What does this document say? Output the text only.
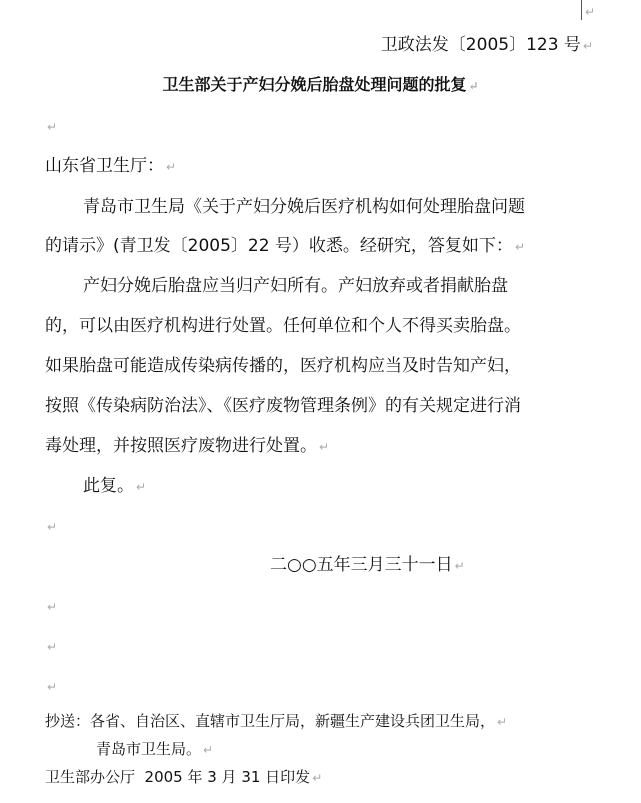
↵
卫政法发〔2005〕123 号 ↵
卫生部关于产妇分娩后胎盘处理问题的批复 ↵
↵
山东省卫生厅： ↵
青岛市卫生局《关于产妇分娩后医疗机构如何处理胎盘问题
的请示》(青卫发〔2005〕22 号）收悉。经研究，答复如下： ↵
产妇分娩后胎盘应当归产妇所有。产妇放弃或者捐献胎盘
的，可以由医疗机构进行处置。任何单位和个人不得买卖胎盘。
如果胎盘可能造成传染病传播的，医疗机构应当及时告知产妇，
按照《传染病防治法》、《医疗废物管理条例》的有关规定进行消
毒处理，并按照医疗废物进行处置。 ↵
此复。 ↵
↵
二○○五年三月三十一日 ↵
↵
↵
↵
抄送：各省、自治区、直辖市卫生厅局，新疆生产建设兵团卫生局， ↵
青岛市卫生局。 ↵
卫生部办公厅  2005 年 3 月 31 日印发 ↵
